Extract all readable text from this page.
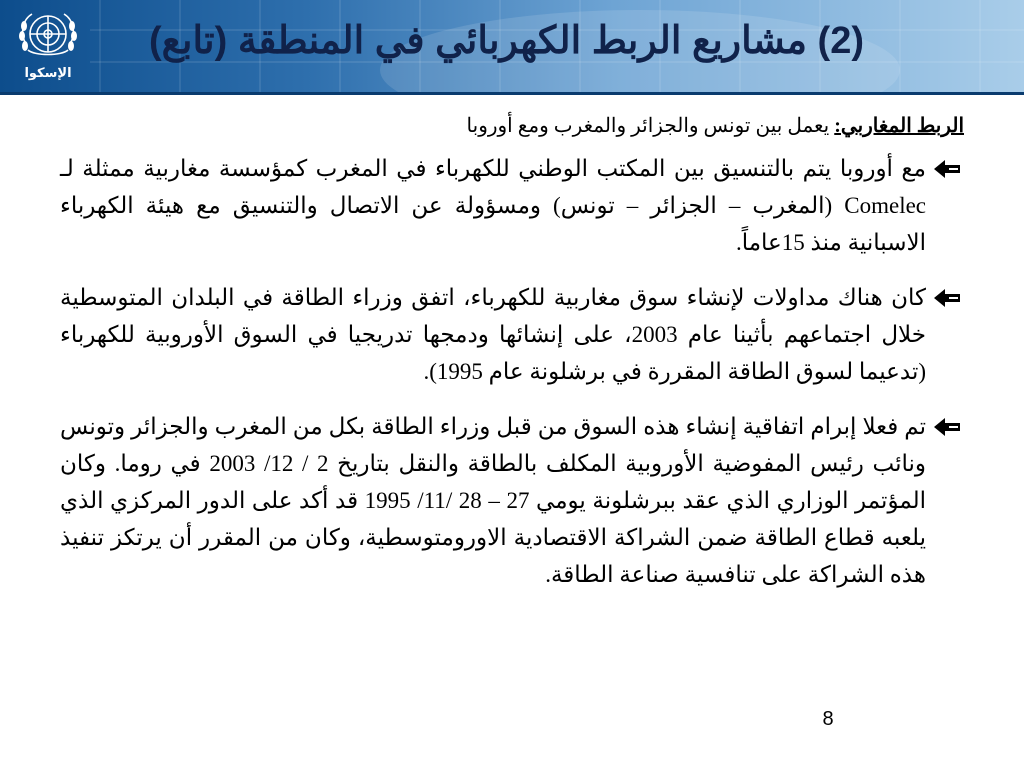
الإسكوا
(2) مشاريع الربط الكهربائي في المنطقة (تابع)

الربط المغاربي: يعمل بين تونس والجزائر والمغرب ومع أوروبا

مع أوروبا يتم بالتنسيق بين المكتب الوطني للكهرباء في المغرب كمؤسسة مغاربية ممثلة لـ Comelec (المغرب – الجزائر – تونس) ومسؤولة عن الاتصال والتنسيق مع هيئة الكهرباء الاسبانية منذ 15عاماً.
كان هناك مداولات لإنشاء سوق مغاربية للكهرباء، اتفق وزراء الطاقة في البلدان المتوسطية خلال اجتماعهم بأثينا عام 2003، على إنشائها ودمجها تدريجيا في السوق الأوروبية للكهرباء (تدعيما لسوق الطاقة المقررة في برشلونة عام 1995).
تم فعلا إبرام اتفاقية إنشاء هذه السوق من قبل وزراء الطاقة بكل من المغرب والجزائر وتونس ونائب رئيس المفوضية الأوروبية المكلف بالطاقة والنقل بتاريخ 2 / 12/ 2003 في روما. وكان المؤتمر الوزاري الذي عقد ببرشلونة يومي 27 – 28 /11/ 1995 قد أكد على الدور المركزي الذي يلعبه قطاع الطاقة ضمن الشراكة الاقتصادية الاورومتوسطية، وكان من المقرر أن يرتكز تنفيذ هذه الشراكة على تنافسية صناعة الطاقة.
8
